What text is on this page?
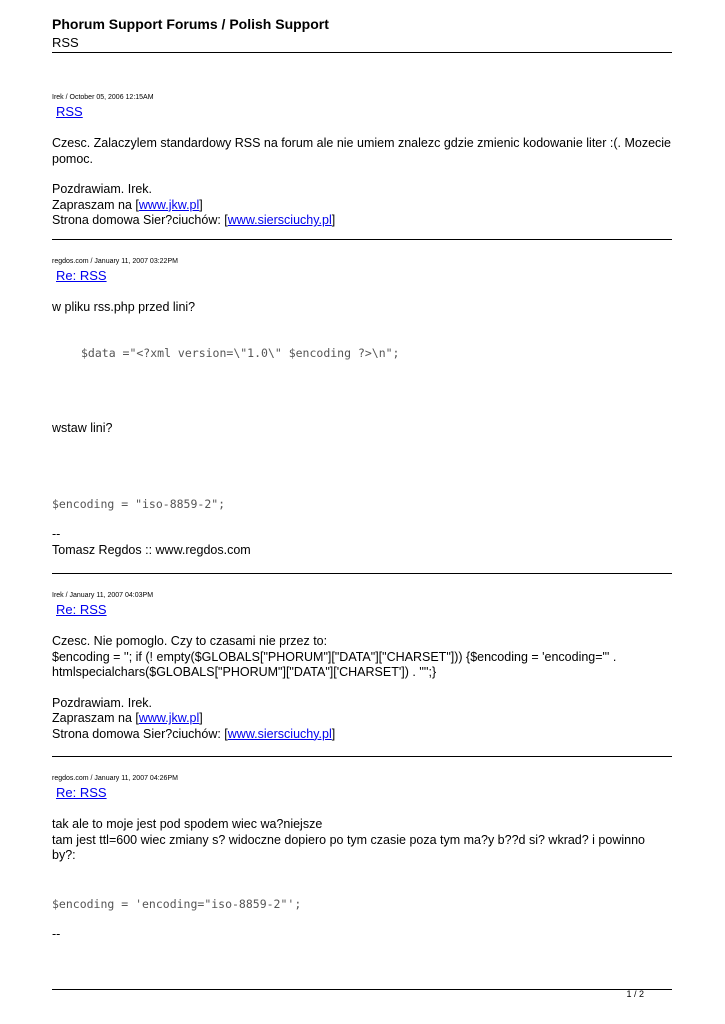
Phorum Support Forums / Polish Support
RSS
Irek / October 05, 2006 12:15AM
RSS
Czesc. Zalaczylem standardowy RSS na forum ale nie umiem znalezc gdzie zmienic kodowanie liter :(. Mozecie pomoc.
Pozdrawiam. Irek.
Zapraszam na [www.jkw.pl]
Strona domowa Sier?ciuchów: [www.siersciuchy.pl]
regdos.com / January 11, 2007 03:22PM
Re: RSS
w pliku rss.php przed lini?
$data ="<?xml version=\"1.0\" $encoding ?>\n";
wstaw lini?
$encoding = "iso-8859-2";
--
Tomasz Regdos :: www.regdos.com
Irek / January 11, 2007 04:03PM
Re: RSS
Czesc. Nie pomoglo. Czy to czasami nie przez to:
$encoding = ''; if (! empty($GLOBALS["PHORUM"]["DATA"]["CHARSET"])) {$encoding = 'encoding="' .
htmlspecialchars($GLOBALS["PHORUM"]["DATA"]['CHARSET']) . '"';}
Pozdrawiam. Irek.
Zapraszam na [www.jkw.pl]
Strona domowa Sier?ciuchów: [www.siersciuchy.pl]
regdos.com / January 11, 2007 04:26PM
Re: RSS
tak ale to moje jest pod spodem wiec wa?niejsze
tam jest ttl=600 wiec zmiany s? widoczne dopiero po tym czasie poza tym ma?y b??d si? wkrad? i powinno by?:
$encoding = 'encoding="iso-8859-2"';
--
1 / 2
